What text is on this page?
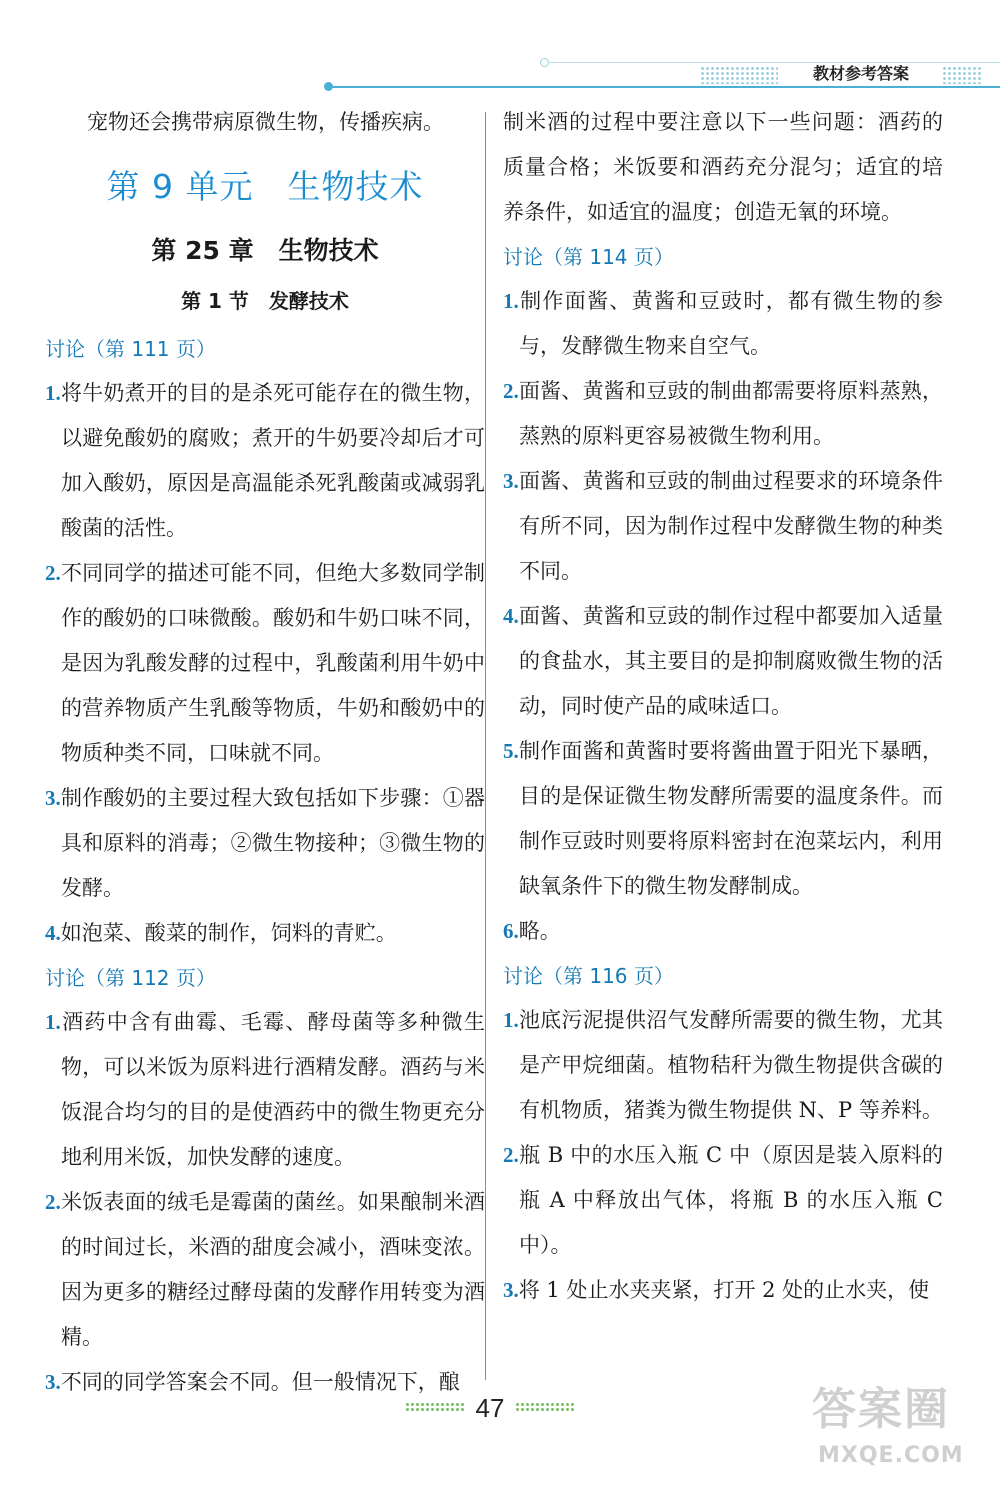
教材参考答案

宠物还会携带病原微生物，传播疾病。

第 9 单元　生物技术
第 25 章　生物技术
第 1 节　发酵技术
讨论（第 111 页）

1.将牛奶煮开的目的是杀死可能存在的微生物，以避免酸奶的腐败；煮开的牛奶要冷却后才可加入酸奶，原因是高温能杀死乳酸菌或减弱乳酸菌的活性。

2.不同同学的描述可能不同，但绝大多数同学制作的酸奶的口味微酸。酸奶和牛奶口味不同，是因为乳酸发酵的过程中，乳酸菌利用牛奶中的营养物质产生乳酸等物质，牛奶和酸奶中的物质种类不同，口味就不同。

3.制作酸奶的主要过程大致包括如下步骤：①器具和原料的消毒；②微生物接种；③微生物的发酵。

4.如泡菜、酸菜的制作，饲料的青贮。

讨论（第 112 页）

1.酒药中含有曲霉、毛霉、酵母菌等多种微生物，可以米饭为原料进行酒精发酵。酒药与米饭混合均匀的目的是使酒药中的微生物更充分地利用米饭，加快发酵的速度。

2.米饭表面的绒毛是霉菌的菌丝。如果酿制米酒的时间过长，米酒的甜度会减小，酒味变浓。因为更多的糖经过酵母菌的发酵作用转变为酒精。

3.不同的同学答案会不同。但一般情况下，酿

制米酒的过程中要注意以下一些问题：酒药的质量合格；米饭要和酒药充分混匀；适宜的培养条件，如适宜的温度；创造无氧的环境。

讨论（第 114 页）

1.制作面酱、黄酱和豆豉时，都有微生物的参与，发酵微生物来自空气。

2.面酱、黄酱和豆豉的制曲都需要将原料蒸熟，蒸熟的原料更容易被微生物利用。

3.面酱、黄酱和豆豉的制曲过程要求的环境条件有所不同，因为制作过程中发酵微生物的种类不同。

4.面酱、黄酱和豆豉的制作过程中都要加入适量的食盐水，其主要目的是抑制腐败微生物的活动，同时使产品的咸味适口。

5.制作面酱和黄酱时要将酱曲置于阳光下暴晒，目的是保证微生物发酵所需要的温度条件。而制作豆豉时则要将原料密封在泡菜坛内，利用缺氧条件下的微生物发酵制成。

6.略。

讨论（第 116 页）

1.池底污泥提供沼气发酵所需要的微生物，尤其是产甲烷细菌。植物秸秆为微生物提供含碳的有机物质，猪粪为微生物提供 N、P 等养料。

2.瓶 B 中的水压入瓶 C 中（原因是装入原料的瓶 A 中释放出气体，将瓶 B 的水压入瓶 C 中）。

3.将 1 处止水夹夹紧，打开 2 处的止水夹，使

47	答案圈
MXQE.COM
